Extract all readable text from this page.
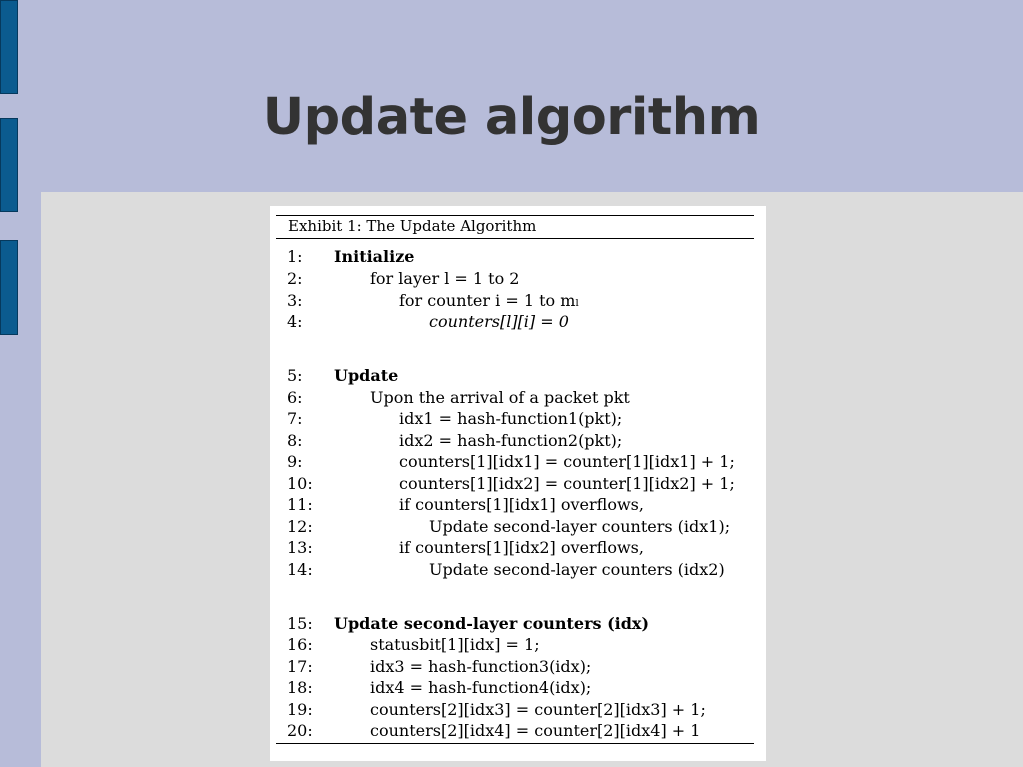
Update algorithm
Exhibit 1: The Update Algorithm
1: Initialize
2:	for layer l = 1 to 2
3:	for counter i = 1 to mₗ
4:	counters[l][i] = 0
5: Update
6:	Upon the arrival of a packet pkt
7:	idx1 = hash-function1(pkt);
8:	idx2 = hash-function2(pkt);
9:	counters[1][idx1] = counter[1][idx1] + 1;
10:	counters[1][idx2] = counter[1][idx2] + 1;
11:	if counters[1][idx1] overflows,
12:	Update second-layer counters (idx1);
13:	if counters[1][idx2] overflows,
14:	Update second-layer counters (idx2)
15: Update second-layer counters (idx)
16:	statusbit[1][idx] = 1;
17:	idx3 = hash-function3(idx);
18:	idx4 = hash-function4(idx);
19:	counters[2][idx3] = counter[2][idx3] + 1;
20:	counters[2][idx4] = counter[2][idx4] + 1
